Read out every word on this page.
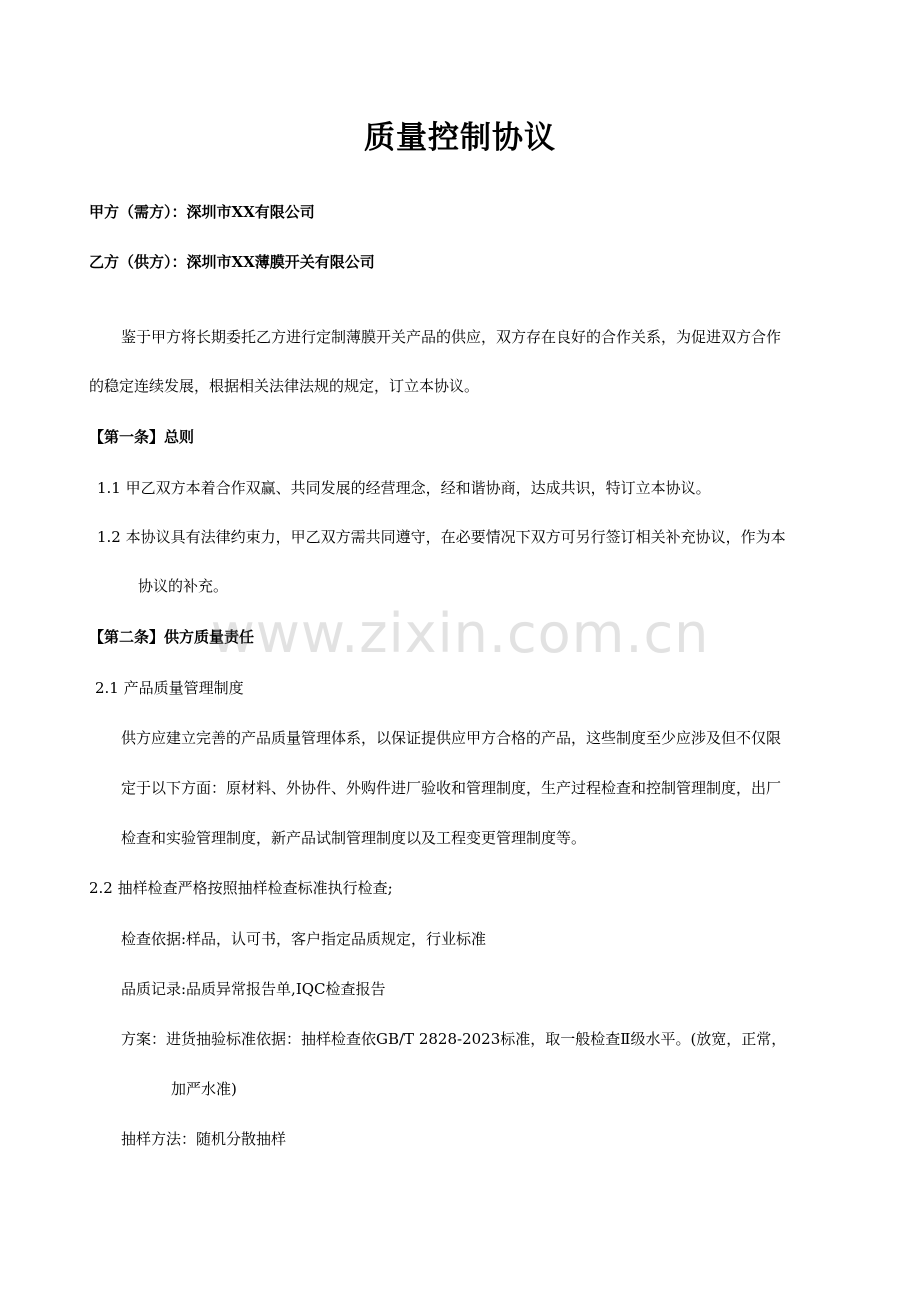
质量控制协议
甲方（需方）：深圳市XX有限公司
乙方（供方）：深圳市XX薄膜开关有限公司
鉴于甲方将长期委托乙方进行定制薄膜开关产品的供应，双方存在良好的合作关系，为促进双方合作
的稳定连续发展，根据相关法律法规的规定，订立本协议。
【第一条】总则
1.1 甲乙双方本着合作双赢、共同发展的经营理念，经和谐协商，达成共识，特订立本协议。
1.2 本协议具有法律约束力，甲乙双方需共同遵守，在必要情况下双方可另行签订相关补充协议，作为本
协议的补充。
【第二条】供方质量责任
2.1 产品质量管理制度
供方应建立完善的产品质量管理体系，以保证提供应甲方合格的产品，这些制度至少应涉及但不仅限
定于以下方面：原材料、外协件、外购件进厂验收和管理制度，生产过程检查和控制管理制度，出厂
检查和实验管理制度，新产品试制管理制度以及工程变更管理制度等。
2.2 抽样检查严格按照抽样检查标准执行检查;
检查依据:样品，认可书，客户指定品质规定，行业标准
品质记录:品质异常报告单,IQC检查报告
方案：进货抽验标准依据：抽样检查依GB/T 2828-2023标准，取一般检查Ⅱ级水平。(放宽，正常，
加严水准)
抽样方法：随机分散抽样
www.zixin.com.cn
